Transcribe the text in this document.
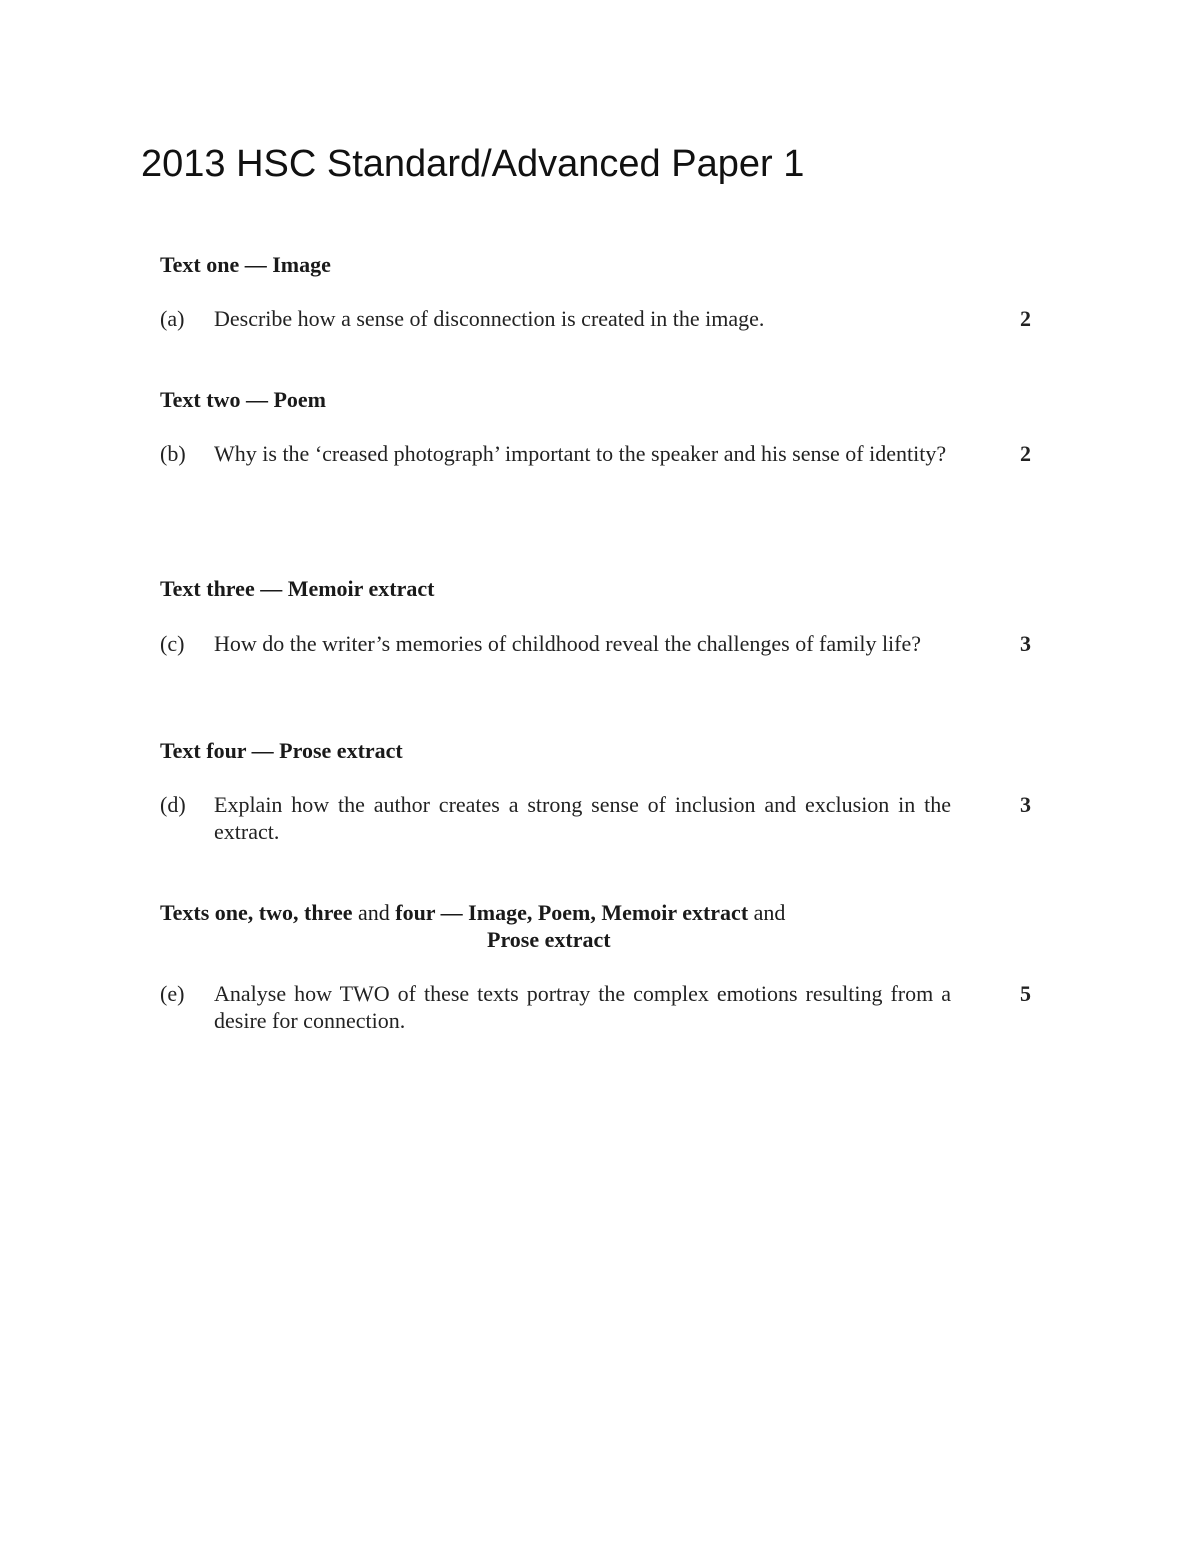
2013 HSC Standard/Advanced Paper 1
Text one — Image
(a) Describe how a sense of disconnection is created in the image.	2
Text two — Poem
(b) Why is the ‘creased photograph’ important to the speaker and his sense of identity?	2
Text three — Memoir extract
(c) How do the writer’s memories of childhood reveal the challenges of family life?	3
Text four — Prose extract
(d) Explain how the author creates a strong sense of inclusion and exclusion in the extract.
3
Texts one, two, three and four — Image, Poem, Memoir extract and
Prose extract
(e) Analyse how TWO of these texts portray the complex emotions resulting from a desire for connection.
5
